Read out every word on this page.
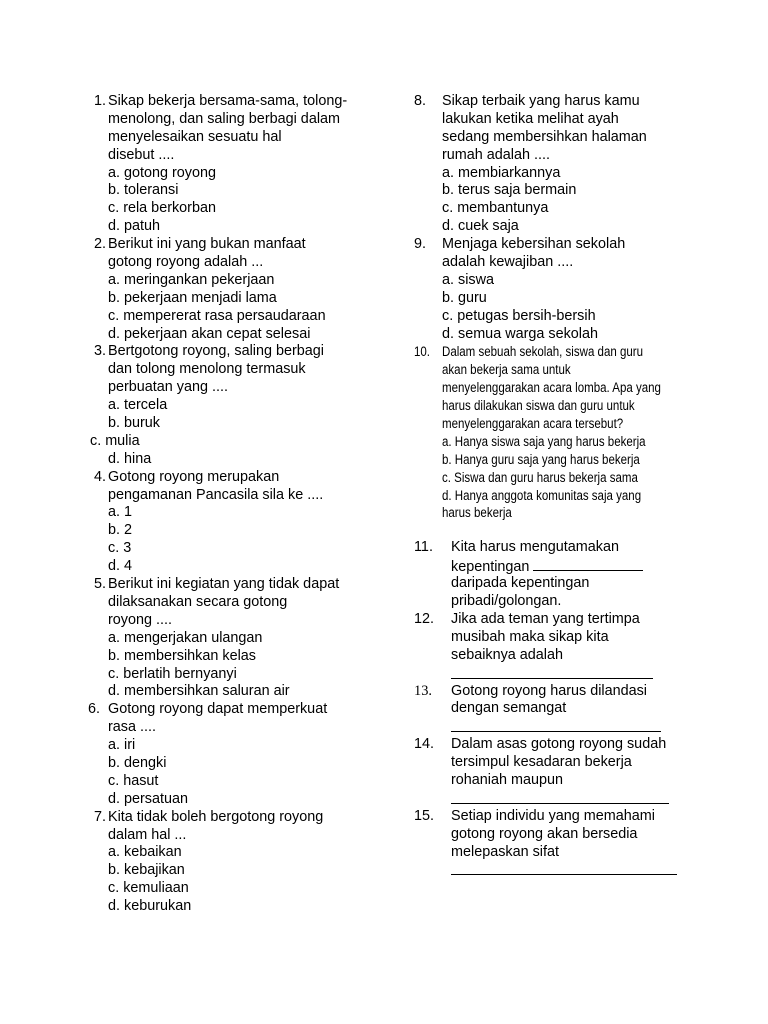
1. Sikap bekerja bersama-sama, tolong-
menolong, dan saling berbagi dalam
menyelesaikan sesuatu hal
disebut ....
a. gotong royong
b. toleransi
c. rela berkorban
d. patuh
2. Berikut ini yang bukan manfaat
gotong royong adalah ...
a. meringankan pekerjaan
b. pekerjaan menjadi lama
c. mempererat rasa persaudaraan
d. pekerjaan akan cepat selesai
3. Bertgotong royong, saling berbagi
dan tolong menolong termasuk
perbuatan yang ....
a. tercela
b. buruk
c. mulia
d. hina
4. Gotong royong merupakan
pengamanan Pancasila sila ke ....
a. 1
b. 2
c. 3
d. 4
5. Berikut ini kegiatan yang tidak dapat
dilaksanakan secara gotong
royong ....
a. mengerjakan ulangan
b. membersihkan kelas
c. berlatih bernyanyi
d. membersihkan saluran air
6. Gotong royong dapat memperkuat
rasa ....
a. iri
b. dengki
c. hasut
d. persatuan
7. Kita tidak boleh bergotong royong
dalam hal ...
a. kebaikan
b. kebajikan
c. kemuliaan
d. keburukan
8. Sikap terbaik yang harus kamu
lakukan ketika melihat ayah
sedang membersihkan halaman
rumah adalah ....
a. membiarkannya
b. terus saja bermain
c. membantunya
d. cuek saja
9. Menjaga kebersihan sekolah
adalah kewajiban ....
a. siswa
b. guru
c. petugas bersih-bersih
d. semua warga sekolah
10. Dalam sebuah sekolah, siswa dan guru
akan bekerja sama untuk
menyelenggarakan acara lomba. Apa yang
harus dilakukan siswa dan guru untuk
menyelenggarakan acara tersebut?
a. Hanya siswa saja yang harus bekerja
b. Hanya guru saja yang harus bekerja
c. Siswa dan guru harus bekerja sama
d. Hanya anggota komunitas saja yang
harus bekerja
11. Kita harus mengutamakan
kepentingan
daripada kepentingan
pribadi/golongan.
12. Jika ada teman yang tertimpa
musibah maka sikap kita
sebaiknya adalah
13. Gotong royong harus dilandasi
dengan semangat
14. Dalam asas gotong royong sudah
tersimpul kesadaran bekerja
rohaniah maupun
15. Setiap individu yang memahami
gotong royong akan bersedia
melepaskan sifat
